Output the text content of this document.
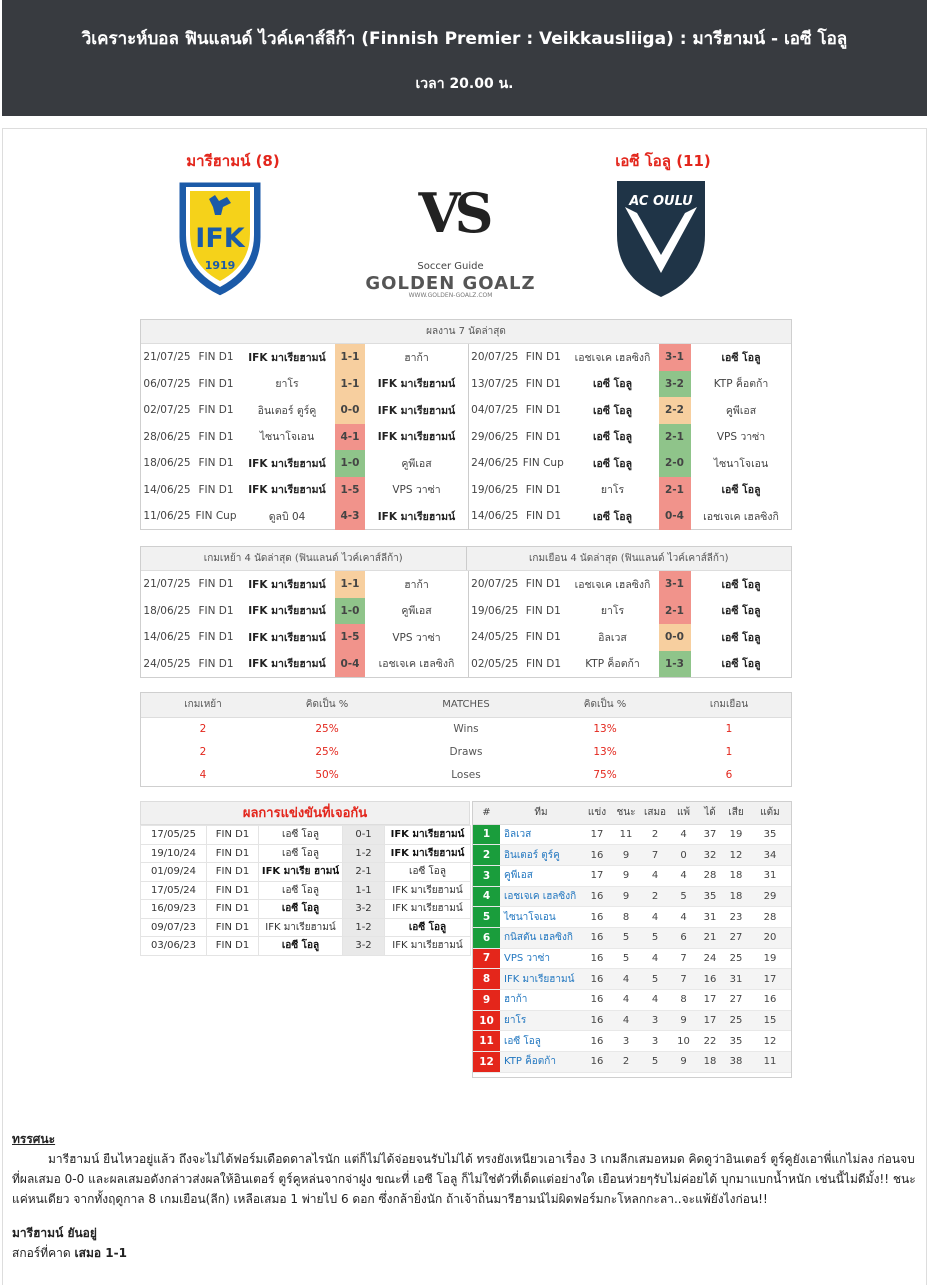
วิเคราะห์บอล ฟินแลนด์ ไวค์เคาส์ลีก้า (Finnish Premier : Veikkausliiga) : มารีฮามน์ - เอซี โอลู
เวลา 20.00 น.
มารีฮามน์ (8)	เอซี โอลู (11)
IFK
1919
AC OULU
VS
Soccer Guide
GOLDEN GOALZ
WWW.GOLDEN-GOALZ.COM
ผลงาน 7 นัดล่าสุด
21/07/25	FIN D1	IFK มาเรียฮามน์	1-1	ฮาก้า
06/07/25	FIN D1	ยาโร	1-1	IFK มาเรียฮามน์
02/07/25	FIN D1	อินเตอร์ ตูร์คู	0-0	IFK มาเรียฮามน์
28/06/25	FIN D1	ไซนาโจเอน	4-1	IFK มาเรียฮามน์
18/06/25	FIN D1	IFK มาเรียฮามน์	1-0	คูพีเอส
14/06/25	FIN D1	IFK มาเรียฮามน์	1-5	VPS วาซ่า
11/06/25	FIN Cup	ดูลบิ 04	4-3	IFK มาเรียฮามน์
20/07/25	FIN D1	เอชเจเค เฮลซิงกิ	3-1	เอซี โอลู
13/07/25	FIN D1	เอซี โอลู	3-2	KTP ค็อตก้า
04/07/25	FIN D1	เอซี โอลู	2-2	คูพีเอส
29/06/25	FIN D1	เอซี โอลู	2-1	VPS วาซ่า
24/06/25	FIN Cup	เอซี โอลู	2-0	ไซนาโจเอน
19/06/25	FIN D1	ยาโร	2-1	เอซี โอลู
14/06/25	FIN D1	เอซี โอลู	0-4	เอชเจเค เฮลซิงกิ
เกมเหย้า 4 นัดล่าสุด (ฟินแลนด์ ไวค์เคาส์ลีก้า)	เกมเยือน 4 นัดล่าสุด (ฟินแลนด์ ไวค์เคาส์ลีก้า)
21/07/25	FIN D1	IFK มาเรียฮามน์	1-1	ฮาก้า
18/06/25	FIN D1	IFK มาเรียฮามน์	1-0	คูพีเอส
14/06/25	FIN D1	IFK มาเรียฮามน์	1-5	VPS วาซ่า
24/05/25	FIN D1	IFK มาเรียฮามน์	0-4	เอชเจเค เฮลซิงกิ
20/07/25	FIN D1	เอชเจเค เฮลซิงกิ	3-1	เอซี โอลู
19/06/25	FIN D1	ยาโร	2-1	เอซี โอลู
24/05/25	FIN D1	อิลเวส	0-0	เอซี โอลู
02/05/25	FIN D1	KTP ค็อตก้า	1-3	เอซี โอลู
เกมเหย้า	คิดเป็น %	MATCHES	คิดเป็น %	เกมเยือน
2	25%	Wins	13%	1
2	25%	Draws	13%	1
4	50%	Loses	75%	6
ผลการแข่งขันที่เจอกัน
17/05/25	FIN D1	เอซี โอลู	0-1	IFK มาเรียฮามน์
19/10/24	FIN D1	เอซี โอลู	1-2	IFK มาเรียฮามน์
01/09/24	FIN D1	IFK มาเรีย ฮามน์	2-1	เอซี โอลู
17/05/24	FIN D1	เอซี โอลู	1-1	IFK มาเรียฮามน์
16/09/23	FIN D1	เอซี โอลู	3-2	IFK มาเรียฮามน์
09/07/23	FIN D1	IFK มาเรียฮามน์	1-2	เอซี โอลู
03/06/23	FIN D1	เอซี โอลู	3-2	IFK มาเรียฮามน์
#	ทีม	แข่ง	ชนะ	เสมอ	แพ้	ได้	เสีย	แต้ม
1	อิลเวส	17	11	2	4	37	19	35
2	อินเตอร์ ตูร์คู	16	9	7	0	32	12	34
3	คูพีเอส	17	9	4	4	28	18	31
4	เอชเจเค เฮลซิงกิ	16	9	2	5	35	18	29
5	ไซนาโจเอน	16	8	4	4	31	23	28
6	กนิสตัน เฮลซิงกิ	16	5	5	6	21	27	20
7	VPS วาซ่า	16	5	4	7	24	25	19
8	IFK มาเรียฮามน์	16	4	5	7	16	31	17
9	ฮาก้า	16	4	4	8	17	27	16
10	ยาโร	16	4	3	9	17	25	15
11	เอซี โอลู	16	3	3	10	22	35	12
12	KTP ค็อตก้า	16	2	5	9	18	38	11
ทรรศนะ

มารีฮามน์ ยืนไหวอยู่แล้ว ถึงจะไม่ได้ฟอร์มเดือดดาลไรนัก แต่ก็ไม่ได้จ่อยจนรับไม่ได้ ทรงยังเหนียวเอาเรื่อง 3 เกมลีกเสมอหมด คิดดูว่าอินเตอร์ ตูร์คูยังเอาพี่แกไม่ลง ก่อนจบที่ผลเสมอ 0-0 และผลเสมอดังกล่าวส่งผลให้อินเตอร์ ตูร์คูหล่นจากจ่าฝูง ขณะที่ เอซี โอลู ก็ไม่ใช่ตัวที่เด็ดแต่อย่างใด เยือนห่วยๆรับไม่ค่อยได้ บุกมาแบกน้ำหนัก เช่นนี้ไม่ดีมั้ง!! ชนะแค่หนเดียว จากทั้งฤดูกาล 8 เกมเยือน(ลีก) เหลือเสมอ 1 พ่ายไป 6 ดอก ซึ่งกล้ายิ่งนัก ถ้าเจ้าถิ่นมารีฮามน์ไม่ผิดฟอร์มกะโหลกกะลา..จะแพ้ยังไงก่อน!!

มารีฮามน์ ยันอยู่
สกอร์ที่คาด เสมอ 1-1
